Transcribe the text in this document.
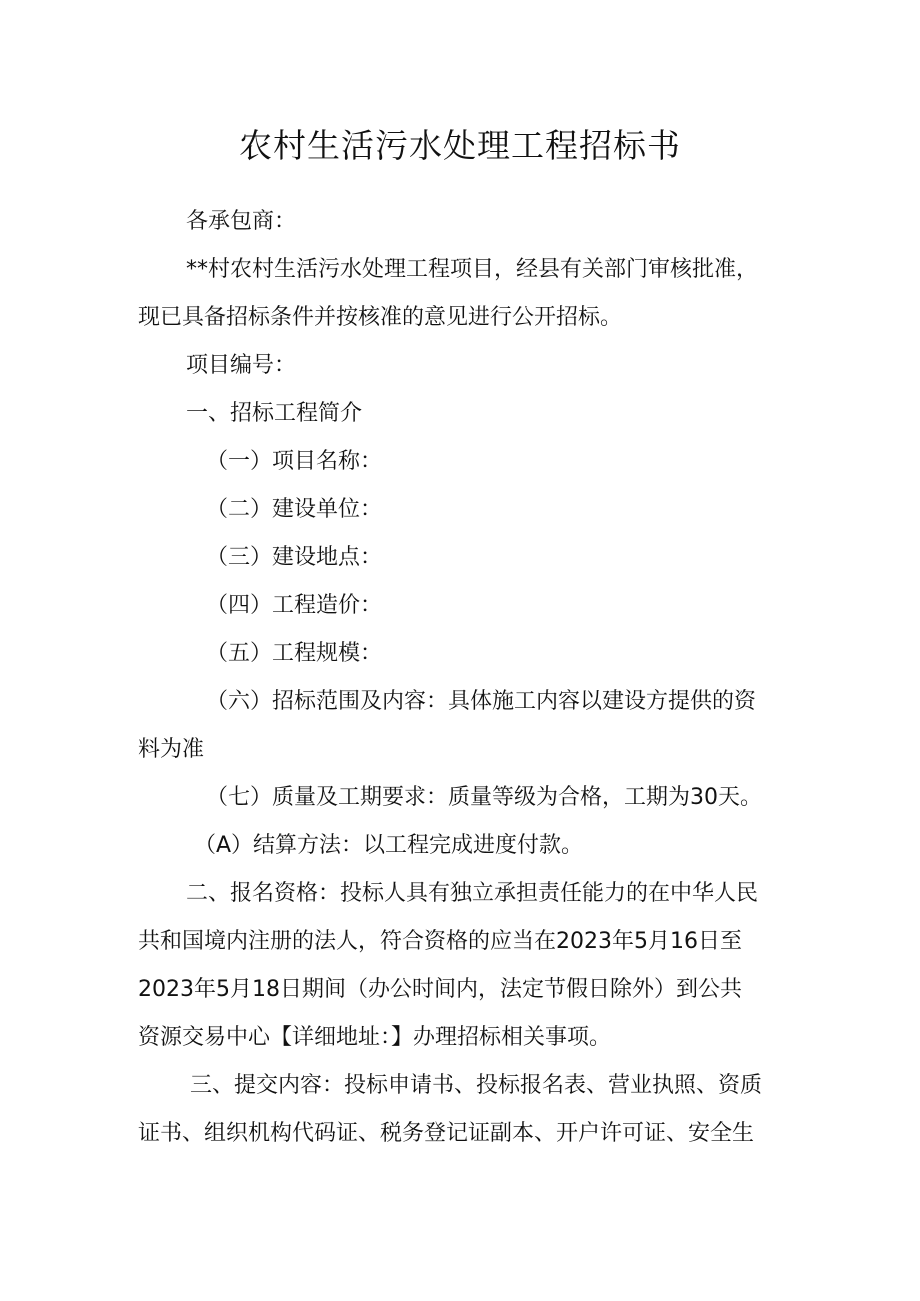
农村生活污水处理工程招标书

各承包商：

**村农村生活污水处理工程项目，经县有关部门审核批准，

现已具备招标条件并按核准的意见进行公开招标。

项目编号：

一、招标工程简介

（一）项目名称：

（二）建设单位：

（三）建设地点：

（四）工程造价：

（五）工程规模：

（六）招标范围及内容：具体施工内容以建设方提供的资

料为准

（七）质量及工期要求：质量等级为合格，工期为30天。

（A）结算方法：以工程完成进度付款。

二、报名资格：投标人具有独立承担责任能力的在中华人民

共和国境内注册的法人，符合资格的应当在2023年5月16日至

2023年5月18日期间（办公时间内，法定节假日除外）到公共

资源交易中心【详细地址：】办理招标相关事项。

三、提交内容：投标申请书、投标报名表、营业执照、资质

证书、组织机构代码证、税务登记证副本、开户许可证、安全生
